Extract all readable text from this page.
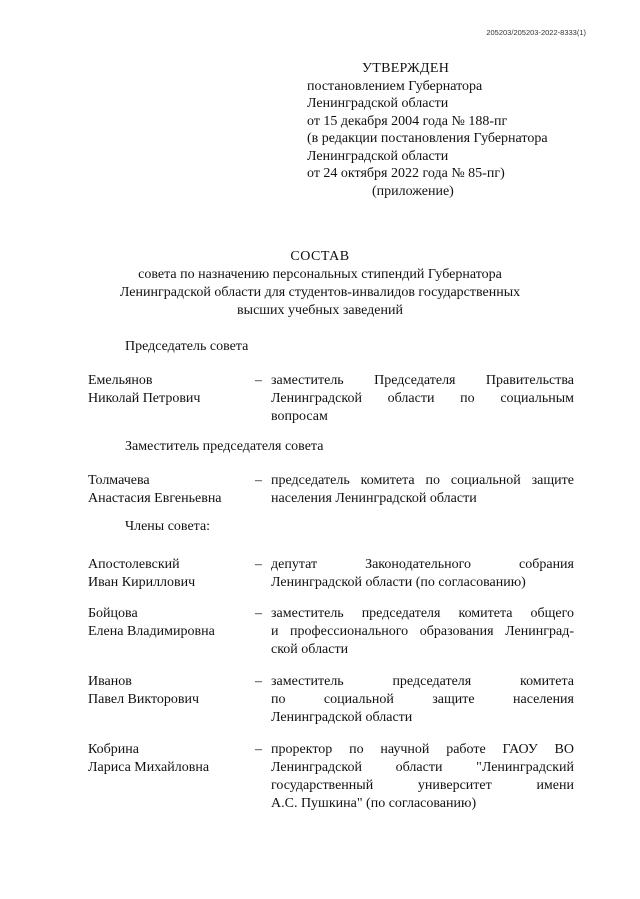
205203/205203-2022-8333(1)
УТВЕРЖДЕН
постановлением Губернатора
Ленинградской области
от 15 декабря 2004 года № 188-пг
(в редакции постановления Губернатора
Ленинградской области
от 24 октября 2022 года № 85-пг)
(приложение)
СОСТАВ
совета по назначению персональных стипендий Губернатора
Ленинградской области для студентов-инвалидов государственных
высших учебных заведений
Председатель совета
Емельянов
Николай Петрович
– заместитель Председателя Правительства
Ленинградской области по социальным
вопросам
Заместитель председателя совета
Толмачева
Анастасия Евгеньевна
– председатель комитета по социальной защите
населения Ленинградской области
Члены совета:
Апостолевский
Иван Кириллович
– депутат Законодательного собрания
Ленинградской области (по согласованию)
Бойцова
Елена Владимировна
– заместитель председателя комитета общего
и профессионального образования Ленинград-
ской области
Иванов
Павел Викторович
– заместитель председателя комитета
по социальной защите населения
Ленинградской области
Кобрина
Лариса Михайловна
– проректор по научной работе ГАОУ ВО
Ленинградской области "Ленинградский
государственный университет имени
А.С. Пушкина" (по согласованию)
